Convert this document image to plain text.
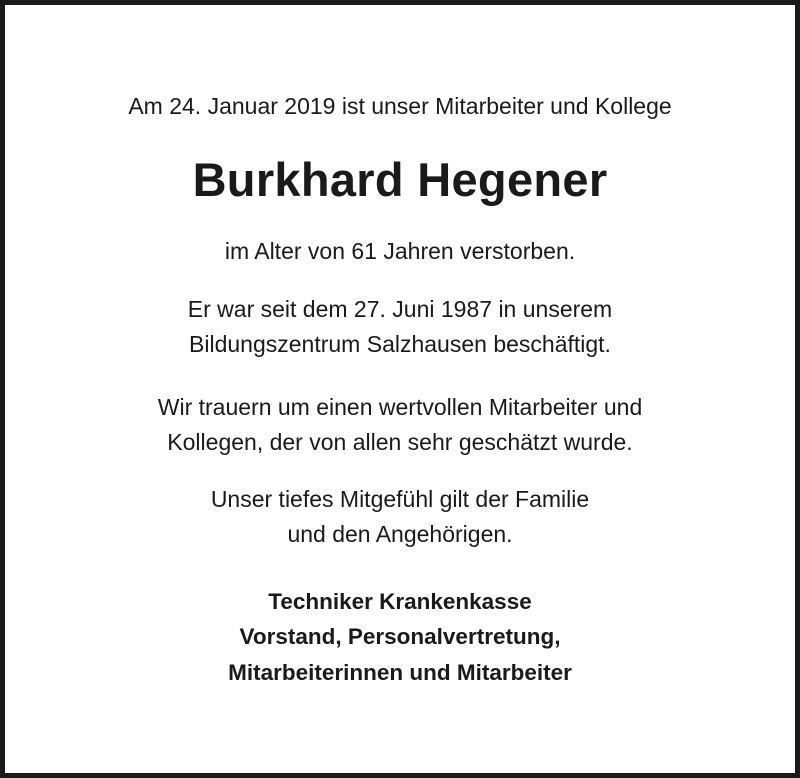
Am 24. Januar 2019 ist unser Mitarbeiter und Kollege
Burkhard Hegener
im Alter von 61 Jahren verstorben.
Er war seit dem 27. Juni 1987 in unserem
Bildungszentrum Salzhausen beschäftigt.
Wir trauern um einen wertvollen Mitarbeiter und
Kollegen, der von allen sehr geschätzt wurde.
Unser tiefes Mitgefühl gilt der Familie
und den Angehörigen.
Techniker Krankenkasse
Vorstand, Personalvertretung,
Mitarbeiterinnen und Mitarbeiter
